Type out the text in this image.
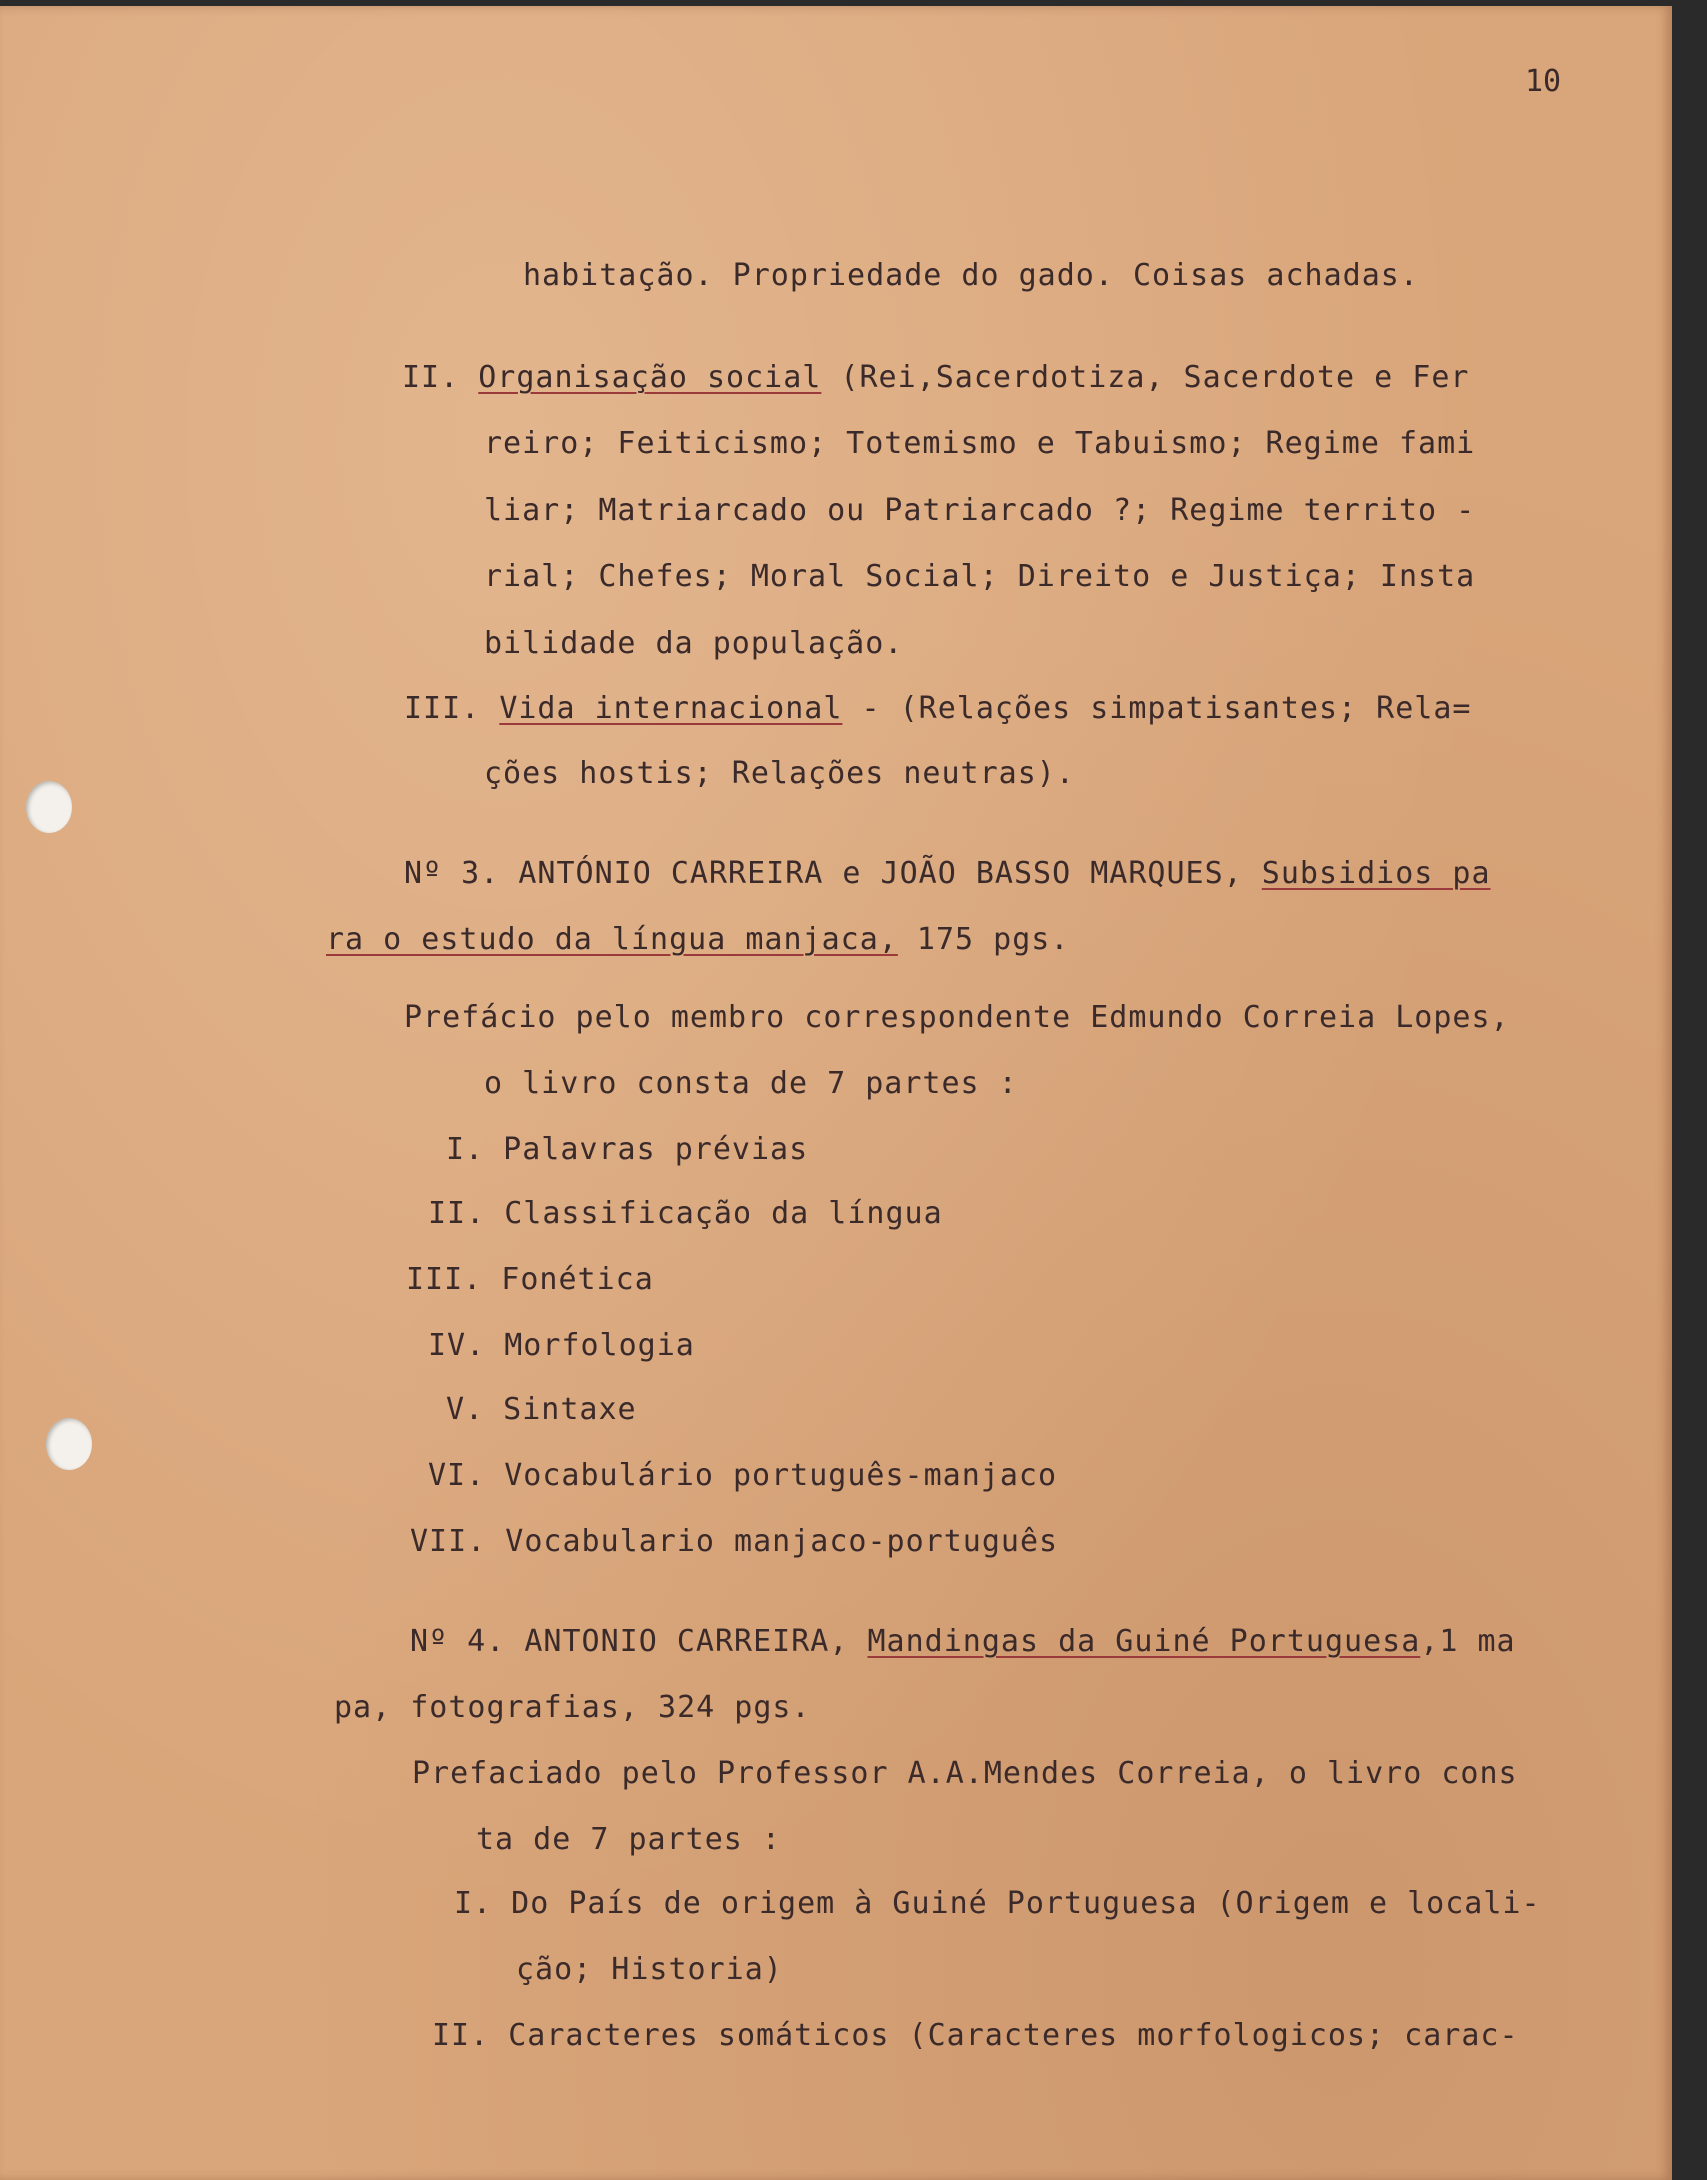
10
habitação. Propriedade do gado. Coisas achadas.
II. Organisação social (Rei,Sacerdotiza, Sacerdote e Fer
reiro; Feiticismo; Totemismo e Tabuismo; Regime fami
liar; Matriarcado ou Patriarcado ?; Regime territo -
rial; Chefes; Moral Social; Direito e Justiça; Insta
bilidade da população.
III. Vida internacional - (Relações simpatisantes; Rela=
ções hostis; Relações neutras).
Nº 3. ANTÓNIO CARREIRA e JOÃO BASSO MARQUES, Subsidios pa
ra o estudo da língua manjaca, 175 pgs.
Prefácio pelo membro correspondente Edmundo Correia Lopes,
o livro consta de 7 partes :
I. Palavras prévias
II. Classificação da língua
III. Fonética
IV. Morfologia
V. Sintaxe
VI. Vocabulário português-manjaco
VII. Vocabulario manjaco-português
Nº 4. ANTONIO CARREIRA, Mandingas da Guiné Portuguesa,1 ma
pa, fotografias, 324 pgs.
Prefaciado pelo Professor A.A.Mendes Correia, o livro cons
ta de 7 partes :
I. Do País de origem à Guiné Portuguesa (Origem e locali-
ção; Historia)
II. Caracteres somáticos (Caracteres morfologicos; carac-
